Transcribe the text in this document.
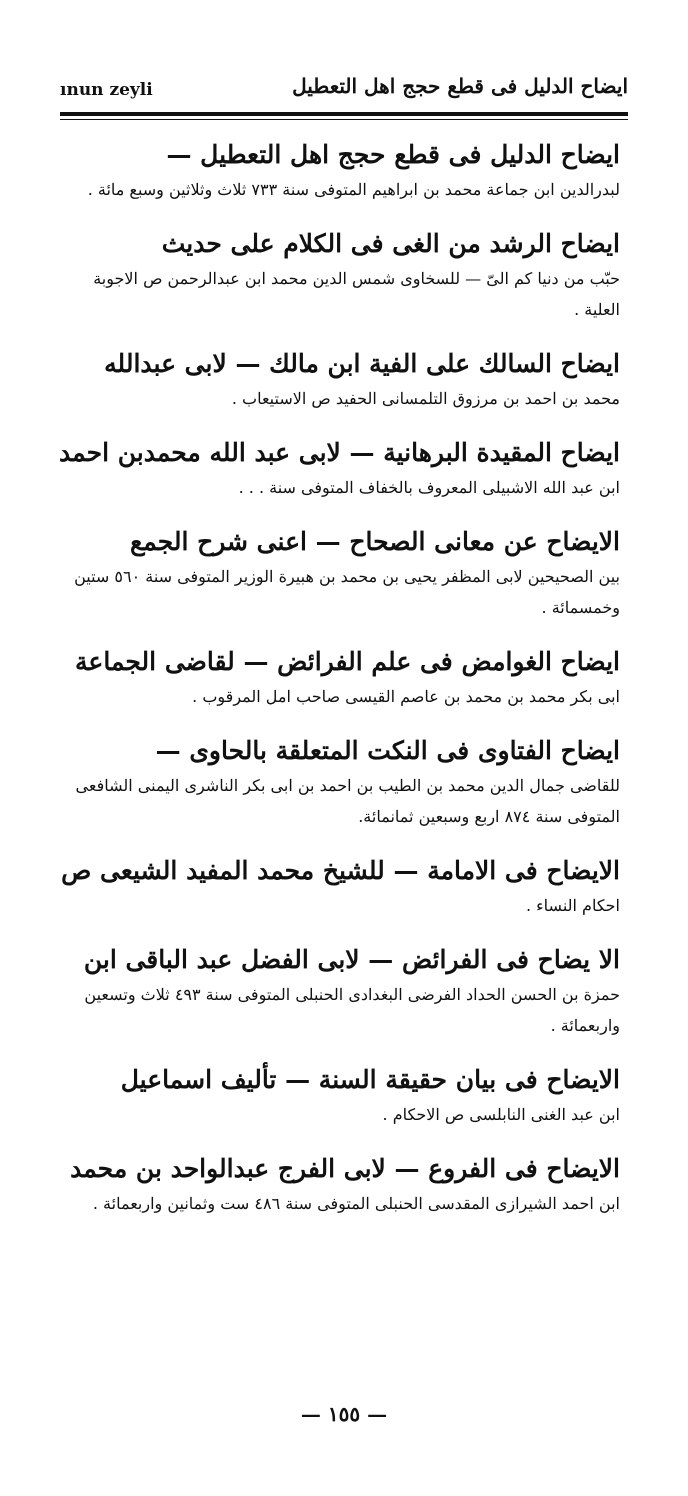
ınun zeyli	ايضاح الدليل فى قطع حجج اهل التعطيل
ايضاح الدليل فى قطع حجج اهل التعطيل —
لبدرالدين ابن جماعة محمد بن ابراهيم المتوفى سنة ٧٣٣ ثلاث وثلاثين وسبع مائة .
ايضاح الرشد من الغى فى الكلام على حديث
حبّب من دنيا كم الىّ — للسخاوى شمس الدين محمد ابن عبدالرحمن ص الاجوبة العلية .
ايضاح السالك على الفية ابن مالك — لابى عبدالله
محمد بن احمد بن مرزوق التلمسانى الحفيد ص الاستيعاب .
ايضاح المقيدة البرهانية — لابى عبد الله محمدبن احمد
ابن عبد الله الاشبيلى المعروف بالخفاف المتوفى سنة . . .
الايضاح عن معانى الصحاح — اعنى شرح الجمع
بين الصحيحين لابى المظفر يحيى بن محمد بن هبيرة الوزير المتوفى سنة ٥٦٠ ستين وخمسمائة .
ايضاح الغوامض فى علم الفرائض — لقاضى الجماعة
ابى بكر محمد بن محمد بن عاصم القيسى صاحب امل المرقوب .
ايضاح الفتاوى فى النكت المتعلقة بالحاوى —
للقاضى جمال الدين محمد بن الطيب بن احمد بن ابى بكر الناشرى اليمنى الشافعى المتوفى سنة ٨٧٤ اربع وسبعين ثمانمائة.
الايضاح فى الامامة — للشيخ محمد المفيد الشيعى ص
احكام النساء .
الا يضاح فى الفرائض — لابى الفضل عبد الباقى ابن
حمزة بن الحسن الحداد الفرضى البغدادى الحنبلى المتوفى سنة ٤٩٣ ثلاث وتسعين واربعمائة .
الايضاح فى بيان حقيقة السنة — تأليف اسماعيل
ابن عبد الغنى النابلسى ص الاحكام .
الايضاح فى الفروع — لابى الفرج عبدالواحد بن محمد
ابن احمد الشيرازى المقدسى الحنبلى المتوفى سنة ٤٨٦ ست وثمانين واربعمائة .
— ١٥٥ —
